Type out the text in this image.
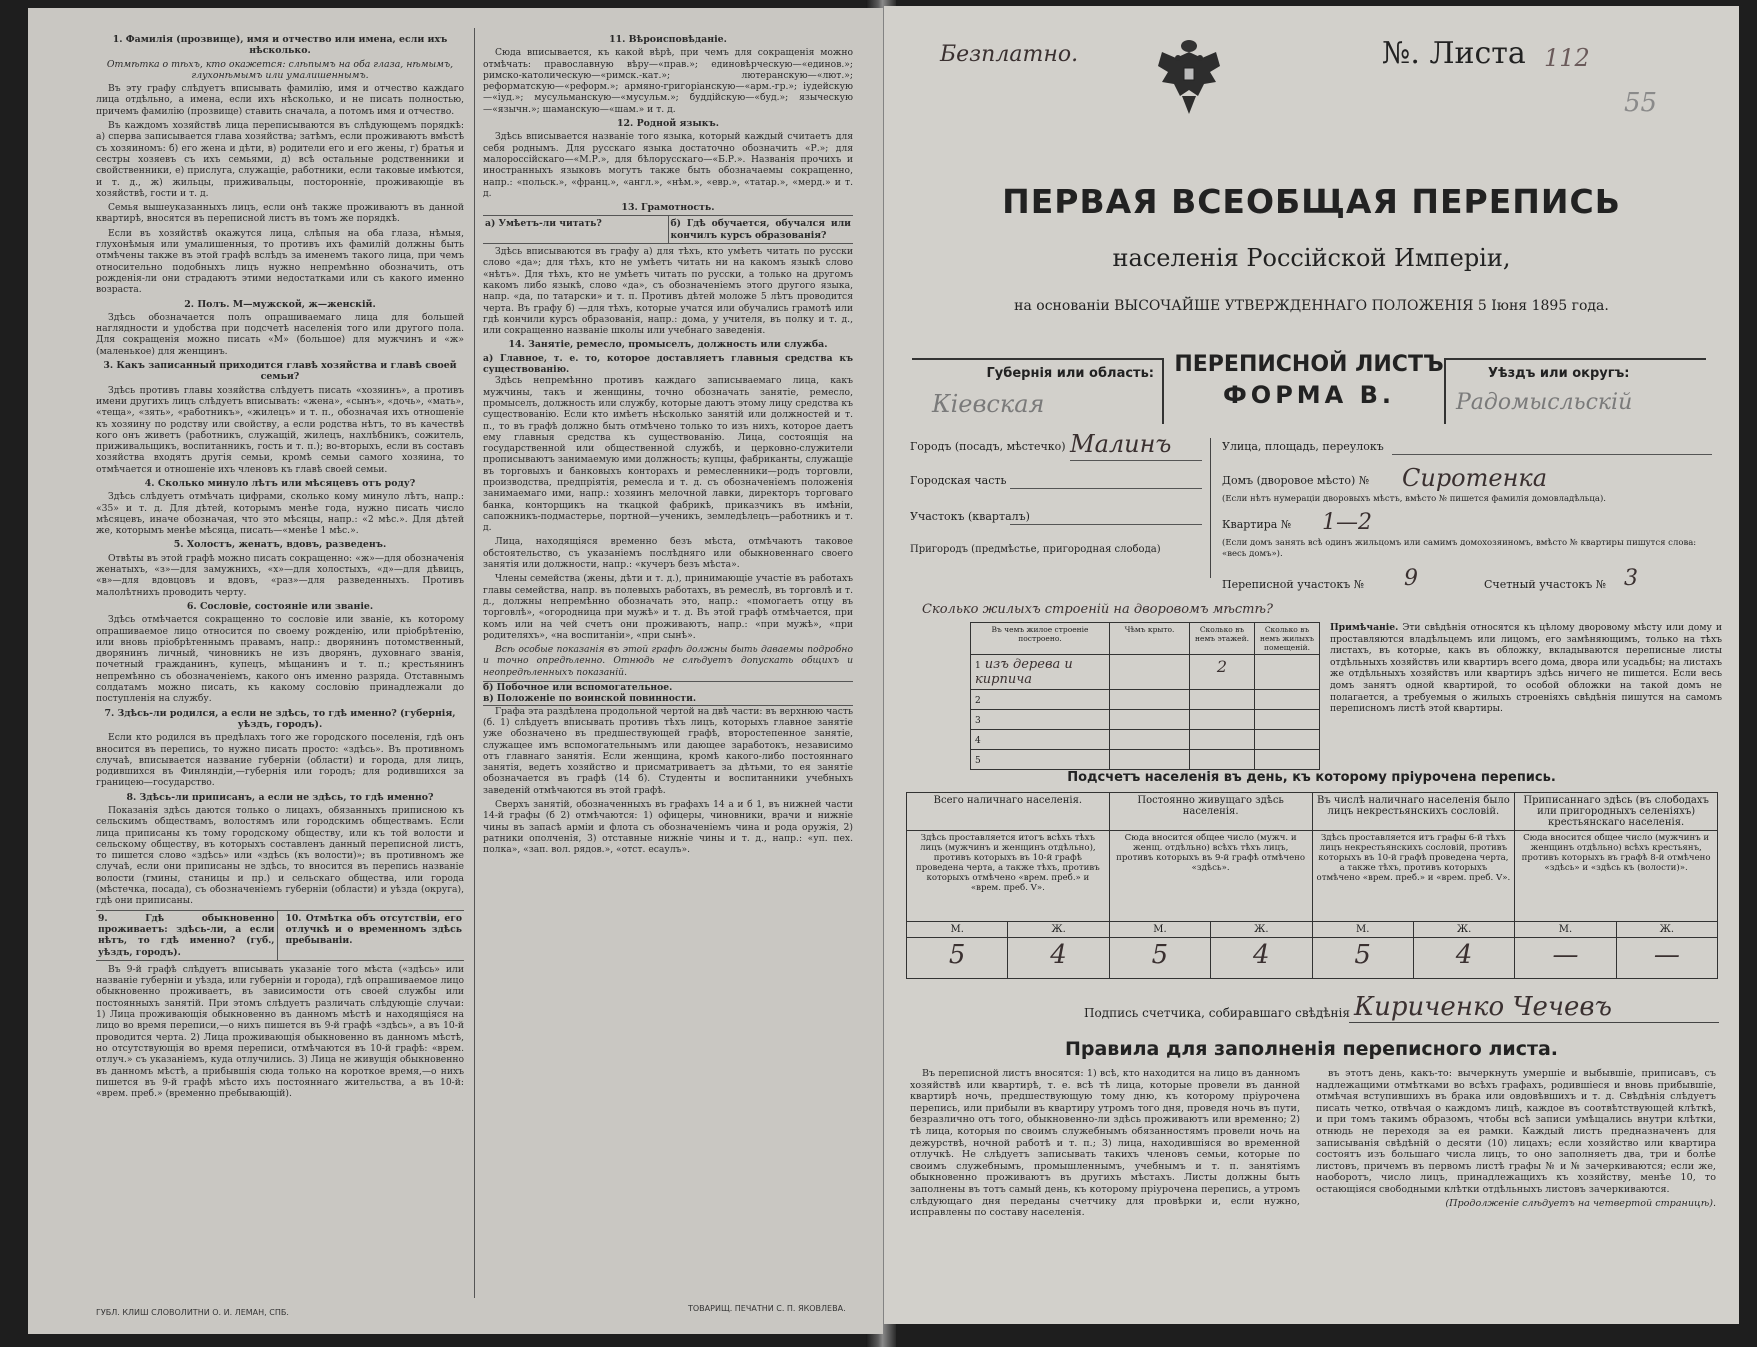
1. Фамилія (прозвище), имя и отчество или имена, если ихъ нѣсколько.
Отмѣтка о тѣхъ, кто окажется: слѣпымъ на оба глаза, нѣмымъ, глухонѣмымъ или умалишеннымъ.

Въ эту графу слѣдуетъ вписывать фамилію, имя и отчество каждаго лица отдѣльно, а имена, если ихъ нѣсколько, и не писать полностью, причемъ фамилію (прозвище) ставить сначала, а потомъ имя и отчество.

Въ каждомъ хозяйствѣ лица переписываются въ слѣдующемъ порядкѣ: а) сперва записывается глава хозяйства; затѣмъ, если проживаютъ вмѣстѣ съ хозяиномъ: б) его жена и дѣти, в) родители его и его жены, г) братья и сестры хозяевъ съ ихъ семьями, д) всѣ остальные родственники и свойственники, е) прислуга, служащіе, работники, если таковые имѣются, и т. д., ж) жильцы, приживальцы, посторонніе, проживающіе въ хозяйствѣ, гости и т. д.

Семья вышеуказанныхъ лицъ, если онѣ также проживаютъ въ данной квартирѣ, вносятся въ переписной листъ въ томъ же порядкѣ.

Если въ хозяйствѣ окажутся лица, слѣпыя на оба глаза, нѣмыя, глухонѣмыя или умалишенныя, то противъ ихъ фамилій должны быть отмѣчены также въ этой графѣ вслѣдъ за именемъ такого лица, при чемъ относительно подобныхъ лицъ нужно непремѣнно обозначить, отъ рожденія-ли они страдаютъ этими недостатками или съ какого именно возраста.

2. Полъ. М—мужской, ж—женскій.

Здѣсь обозначается полъ опрашиваемаго лица для большей наглядности и удобства при подсчетѣ населенія того или другого пола. Для сокращенія можно писать «М» (большое) для мужчинъ и «ж» (маленькое) для женщинъ.

3. Какъ записанный приходится главѣ хозяйства и главѣ своей семьи?

Здѣсь противъ главы хозяйства слѣдуетъ писать «хозяинъ», а противъ имени другихъ лицъ слѣдуетъ вписывать: «жена», «сынъ», «дочь», «мать», «теща», «зять», «работникъ», «жилецъ» и т. п., обозначая ихъ отношеніе къ хозяину по родству или свойству, а если родства нѣтъ, то въ качествѣ кого онъ живетъ (работникъ, служащій, жилецъ, нахлѣбникъ, сожитель, приживальщикъ, воспитанникъ, гость и т. п.); во-вторыхъ, если въ составъ хозяйства входятъ другія семьи, кромѣ семьи самого хозяина, то отмѣчается и отношеніе ихъ членовъ къ главѣ своей семьи.

4. Сколько минуло лѣтъ или мѣсяцевъ отъ роду?

Здѣсь слѣдуетъ отмѣчать цифрами, сколько кому минуло лѣтъ, напр.: «35» и т. д. Для дѣтей, которымъ менѣе года, нужно писать число мѣсяцевъ, иначе обозначая, что это мѣсяцы, напр.: «2 мѣс.». Для дѣтей же, которымъ менѣе мѣсяца, писать—«менѣе 1 мѣс.».

5. Холостъ, женатъ, вдовъ, разведенъ.

Отвѣты въ этой графѣ можно писать сокращенно: «ж»—для обозначенія женатыхъ, «з»—для замужнихъ, «х»—для холостыхъ, «д»—для дѣвицъ, «в»—для вдовцовъ и вдовъ, «раз»—для разведенныхъ. Противъ малолѣтнихъ проводить черту.

6. Сословіе, состояніе или званіе.

Здѣсь отмѣчается сокращенно то сословіе или званіе, къ которому опрашиваемое лицо относится по своему рожденію, или пріобрѣтенію, или вновь пріобрѣтеннымъ правамъ, напр.: дворянинъ потомственный, дворянинъ личный, чиновникъ не изъ дворянъ, духовнаго званія, почетный гражданинъ, купецъ, мѣщанинъ и т. п.; крестьянинъ непремѣнно съ обозначеніемъ, какого онъ именно разряда. Отставнымъ солдатамъ можно писать, къ какому сословію принадлежали до поступленія на службу.

7. Здѣсь-ли родился, а если не здѣсь, то гдѣ именно? (губернія, уѣздъ, городъ).

Если кто родился въ предѣлахъ того же городского поселенія, гдѣ онъ вносится въ перепись, то нужно писать просто: «здѣсь». Въ противномъ случаѣ, вписывается название губерніи (области) и города, для лицъ, родившихся въ Финляндіи,—губернія или городъ; для родившихся за границею—государство.

8. Здѣсь-ли приписанъ, а если не здѣсь, то гдѣ именно?

Показанія здѣсь даются только о лицахъ, обязанныхъ приписною къ сельскимъ обществамъ, волостямъ или городскимъ обществамъ. Если лица приписаны къ тому городскому обществу, или къ той волости и сельскому обществу, въ которыхъ составленъ данный переписной листъ, то пишется слово «здѣсь» или «здѣсь (къ волости)»; въ противномъ же случаѣ, если они приписаны не здѣсь, то вносится въ перепись названіе волости (гмины, станицы и пр.) и сельскаго общества, или города (мѣстечка, посада), съ обозначеніемъ губерніи (области) и уѣзда (округа), гдѣ они приписаны.

9. Гдѣ обыкновенно проживаетъ: здѣсь-ли, а если нѣтъ, то гдѣ именно? (губ., уѣздъ, городъ).
10. Отмѣтка объ отсутствіи, его отлучкѣ и о временномъ здѣсь пребываніи.

Въ 9-й графѣ слѣдуетъ вписывать указаніе того мѣста («здѣсь» или названіе губерніи и уѣзда, или губерніи и города), гдѣ опрашиваемое лицо обыкновенно проживаетъ, въ зависимости отъ своей службы или постоянныхъ занятій. При этомъ слѣдуетъ различать слѣдующіе случаи: 1) Лица проживающія обыкновенно въ данномъ мѣстѣ и находящіяся на лицо во время переписи,—о нихъ пишется въ 9-й графѣ «здѣсь», а въ 10-й проводится черта. 2) Лица проживающія обыкновенно въ данномъ мѣстѣ, но отсутствующія во время переписи, отмѣчаются въ 10-й графѣ: «врем. отлуч.» съ указаніемъ, куда отлучились. 3) Лица не живущія обыкновенно въ данномъ мѣстѣ, а прибывшія сюда только на короткое время,—о нихъ пишется въ 9-й графѣ мѣсто ихъ постояннаго жительства, а въ 10-й: «врем. преб.» (временно пребывающій).

ГУБЛ. КЛИШ СЛОВОЛИТНИ О. И. ЛЕМАН, СПБ.
11. Вѣроисповѣданіе.

Сюда вписывается, къ какой вѣрѣ, при чемъ для сокращенія можно отмѣчать: православную вѣру—«прав.»; единовѣрческую—«единов.»; римско-католическую—«римск.-кат.»; лютеранскую—«лют.»; реформатскую—«реформ.»; армяно-григоріанскую—«арм.-гр.»; іудейскую—«іуд.»; мусульманскую—«мусульм.»; буддійскую—«буд.»; языческую—«язычн.»; шаманскую—«шам.» и т. д.

12. Родной языкъ.

Здѣсь вписывается названіе того языка, который каждый считаетъ для себя роднымъ. Для русскаго языка достаточно обозначить «Р.»; для малороссійскаго—«М.Р.», для бѣлорусскаго—«Б.Р.». Названія прочихъ и иностранныхъ языковъ могутъ также быть обозначаемы сокращенно, напр.: «польск.», «франц.», «англ.», «нѣм.», «евр.», «татар.», «мерд.» и т. д.

13. Грамотность.
а) Умѣетъ-ли читать?	б) Гдѣ обучается, обучался или кончилъ курсъ образованія?

Здѣсь вписываются въ графу а) для тѣхъ, кто умѣетъ читать по русски слово «да»; для тѣхъ, кто не умѣетъ читать ни на какомъ языкѣ слово «нѣтъ». Для тѣхъ, кто не умѣетъ читать по русски, а только на другомъ какомъ либо языкѣ, слово «да», съ обозначеніемъ этого другого языка, напр. «да, по татарски» и т. п. Противъ дѣтей моложе 5 лѣтъ проводится черта. Въ графу б) —для тѣхъ, которые учатся или обучались грамотѣ или гдѣ кончили курсъ образованія, напр.: дома, у учителя, въ полку и т. д., или сокращенно названіе школы или учебнаго заведенія.

14. Занятіе, ремесло, промыселъ, должность или служба.
а) Главное, т. е. то, которое доставляетъ главныя средства къ существованію.

Здѣсь непремѣнно противъ каждаго записываемаго лица, какъ мужчины, такъ и женщины, точно обозначать занятіе, ремесло, промыселъ, должность или службу, которые даютъ этому лицу средства къ существованію. Если кто имѣетъ нѣсколько занятій или должностей и т. п., то въ графѣ должно быть отмѣчено только то изъ нихъ, которое даетъ ему главныя средства къ существованію. Лица, состоящія на государственной или общественной службѣ, и церковно-служители прописываютъ занимаемую ими должность; купцы, фабриканты, служащіе въ торговыхъ и банковыхъ конторахъ и ремесленники—родъ торговли, производства, предпріятія, ремесла и т. д. съ обозначеніемъ положенія занимаемаго ими, напр.: хозяинъ мелочной лавки, директоръ торговаго банка, конторщикъ на ткацкой фабрикѣ, приказчикъ въ имѣніи, сапожникъ-подмастерье, портной—ученикъ, земледѣлецъ—работникъ и т. д.

Лица, находящіяся временно безъ мѣста, отмѣчаютъ таковое обстоятельство, съ указаніемъ послѣдняго или обыкновеннаго своего занятія или должности, напр.: «кучеръ безъ мѣста».

Члены семейства (жены, дѣти и т. д.), принимающіе участіе въ работахъ главы семейства, напр. въ полевыхъ работахъ, въ ремеслѣ, въ торговлѣ и т. д., должны непремѣнно обозначать это, напр.: «помогаетъ отцу въ торговлѣ», «огородница при мужѣ» и т. д. Въ этой графѣ отмѣчается, при комъ или на чей счетъ они проживаютъ, напр.: «при мужѣ», «при родителяхъ», «на воспитаніи», «при сынѣ».

Всѣ особые показанія въ этой графѣ должны быть даваемы подробно и точно опредѣленно. Отнюдь не слѣдуетъ допускать общихъ и неопредѣленныхъ показаній.

б) Побочное или вспомогательное.
в) Положеніе по воинской повинности.

Графа эта раздѣлена продольной чертой на двѣ части: въ верхнюю часть (б. 1) слѣдуетъ вписывать противъ тѣхъ лицъ, которыхъ главное занятіе уже обозначено въ предшествующей графѣ, второстепенное занятіе, служащее имъ вспомогательнымъ или дающее заработокъ, независимо отъ главнаго занятія. Если женщина, кромѣ какого-либо постояннаго занятія, ведетъ хозяйство и присматриваетъ за дѣтьми, то ея занятіе обозначается въ графѣ (14 б). Студенты и воспитанники учебныхъ заведеній отмѣчаются въ этой графѣ.

Сверхъ занятій, обозначенныхъ въ графахъ 14 а и б 1, въ нижней части 14-й графы (б 2) отмѣчаются: 1) офицеры, чиновники, врачи и нижніе чины въ запасѣ арміи и флота съ обозначеніемъ чина и рода оружія, 2) ратники ополченія, 3) отставные нижніе чины и т. д., напр.: «уп. пех. полка», «зап. вол. рядов.», «отст. есаулъ».

ТОВАРИЩ. ПЕЧАТНИ С. П. ЯКОВЛЕВА.
Безплатно.	№. Листа 112
55
ПЕРВАЯ ВСЕОБЩАЯ ПЕРЕПИСЬ
населенія Россійской Имперіи,
на основаніи ВЫСОЧАЙШЕ УТВЕРЖДЕННАГО ПОЛОЖЕНІЯ 5 Іюня 1895 года.
Губернія или область:
Кіевская
ПЕРЕПИСНОЙ ЛИСТЪ
ФОРМА В.
Уѣздъ или округъ:
Радомысльскій
Городъ (посадъ, мѣстечко) Малинъ
Городская часть
Участокъ (кварталъ)
Пригородъ (предмѣстье, пригородная слобода)
Улица, площадь, переулокъ
Домъ (дворовое мѣсто) № Сиротенка
(Если нѣтъ нумераціи дворовыхъ мѣстъ, вмѣсто № пишется фамилія домовладѣльца).
Квартира № 1—2
(Если домъ занять всѣ одинъ жильцомъ или самимъ домохозяиномъ, вмѣсто № квартиры пишутся слова: «весь домъ»).
Переписной участокъ № 9	Счетный участокъ № 3
Сколько жилыхъ строеній на дворовомъ мѣстѣ?
Въ чемъ жилое строеніе построено.	Чѣмъ крыто.	Сколько въ немъ этажей.	Сколько въ немъ жилыхъ помещеній.
1 изъ дерева и кирпича		2	
2			
3			
4			
5			
Примѣчаніе. Эти свѣдѣнія относятся къ цѣлому дворовому мѣсту или дому и проставляются владѣльцемъ или лицомъ, его замѣняющимъ, только на тѣхъ листахъ, въ которые, какъ въ обложку, вкладываются переписные листы отдѣльныхъ хозяйствъ или квартиръ всего дома, двора или усадьбы; на листахъ же отдѣльныхъ хозяйствъ или квартиръ здѣсь ничего не пишется. Если весь домъ занятъ одной квартирой, то особой обложки на такой домъ не полагается, а требуемыя о жилыхъ строеніяхъ свѣдѣнія пишутся на самомъ переписномъ листѣ этой квартиры.
Подсчетъ населенія въ день, къ которому пріурочена перепись.
Всего наличнаго населенія.		Постоянно живущаго здѣсь населенія.		Въ числѣ наличнаго населенія было лицъ некрестьянскихъ сословій.		Приписаннаго здѣсь (въ слободахъ или пригородныхъ селеніяхъ) крестьянскаго населенія.	
Здѣсь проставляется итогъ всѣхъ тѣхъ лицъ (мужчинъ и женщинъ отдѣльно), противъ которыхъ въ 10-й графѣ проведена черта, а также тѣхъ, противъ которыхъ отмѣчено «врем. преб.» и «врем. преб. V».		Сюда вносится общее число (мужч. и женщ. отдѣльно) всѣхъ тѣхъ лицъ, противъ которыхъ въ 9-й графѣ отмѣчено «здѣсь».		Здѣсь проставляется итъ графы 6-й тѣхъ лицъ некрестьянскихъ сословій, противъ которыхъ въ 10-й графѣ проведена черта, а также тѣхъ, противъ которыхъ отмѣчено «врем. преб.» и «врем. преб. V».		Сюда вносится общее число (мужчинъ и женщинъ отдѣльно) всѣхъ крестьянъ, противъ которыхъ въ графѣ 8-й отмѣчено «здѣсь» и «здѣсь къ (волости)».	
М.	Ж.	М.	Ж.	М.	Ж.	М.	Ж.
5	4	5	4	5	4	—	—
Подпись счетчика, собиравшаго свѣдѣнія Кириченко Чечевъ
Правила для заполненія переписного листа.

Въ переписной листъ вносятся: 1) всѣ, кто находится на лицо въ данномъ хозяйствѣ или квартирѣ, т. е. всѣ тѣ лица, которые провели въ данной квартирѣ ночь, предшествующую тому дню, къ которому пріурочена перепись, или прибыли въ квартиру утромъ того дня, проведя ночь въ пути, безразлично отъ того, обыкновенно-ли здѣсь проживаютъ или временно; 2) тѣ лица, которыя по своимъ служебнымъ обязанностямъ провели ночь на дежурствѣ, ночной работѣ и т. п.; 3) лица, находившіяся во временной отлучкѣ. Не слѣдуетъ записывать такихъ членовъ семьи, которые по своимъ служебнымъ, промышленнымъ, учебнымъ и т. п. занятіямъ обыкновенно проживаютъ въ другихъ мѣстахъ. Листы должны быть заполнены въ тотъ самый день, къ которому пріурочена перепись, а утромъ слѣдующаго дня переданы счетчику для провѣрки и, если нужно, исправлены по составу населенія.

въ этотъ день, какъ-то: вычеркнуть умершіе и выбывшіе, приписавъ, съ надлежащими отмѣтками во всѣхъ графахъ, родившіеся и вновь прибывшіе, отмѣчая вступившихъ въ брака или овдовѣвшихъ и т. д. Свѣдѣнія слѣдуетъ писать четко, отвѣчая о каждомъ лицѣ, каждое въ соотвѣтствующей клѣткѣ, и при томъ такимъ образомъ, чтобы всѣ записи умѣщались внутри клѣтки, отнюдь не переходя за ея рамки. Каждый листъ предназначенъ для записыванія свѣдѣній о десяти (10) лицахъ; если хозяйство или квартира состоятъ изъ большаго числа лицъ, то оно заполняетъ два, три и болѣе листовъ, причемъ въ первомъ листѣ графы № и № зачеркиваются; если же, наоборотъ, число лицъ, принадлежащихъ къ хозяйству, менѣе 10, то остающіяся свободными клѣтки отдѣльныхъ листовъ зачеркиваются.

(Продолженіе слѣдуетъ на четвертой страницѣ).
